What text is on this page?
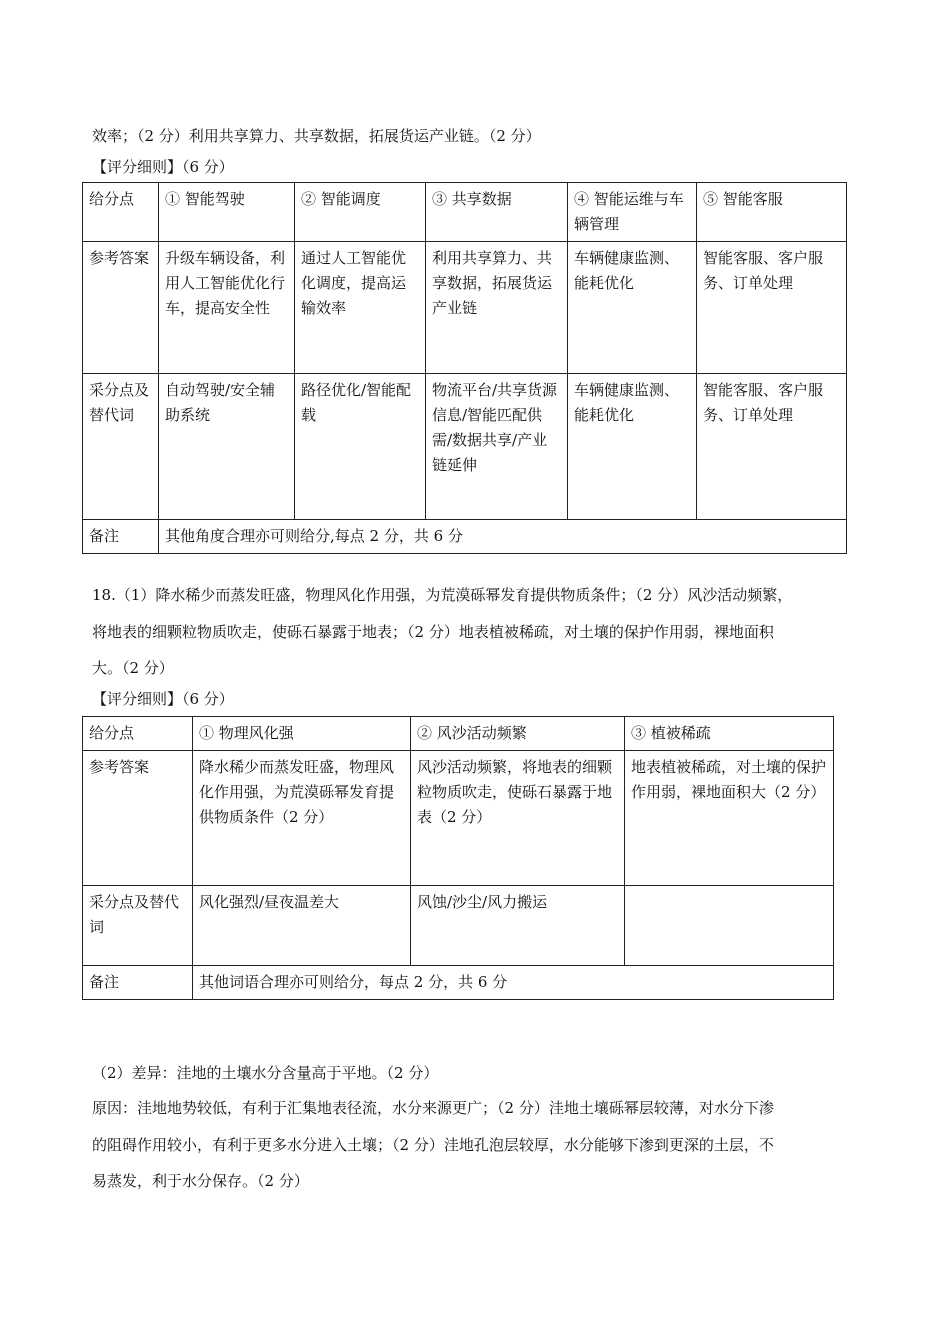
效率；（2 分）利用共享算力、共享数据，拓展货运产业链。（2 分）
【评分细则】（6 分）
给分点	① 智能驾驶	② 智能调度	③ 共享数据	④ 智能运维与车辆管理	⑤ 智能客服
参考答案	升级车辆设备，利用人工智能优化行车，提高安全性	通过人工智能优化调度，提高运输效率	利用共享算力、共享数据，拓展货运产业链	车辆健康监测、能耗优化	智能客服、客户服务、订单处理
采分点及替代词	自动驾驶/安全辅助系统	路径优化/智能配载	物流平台/共享货源信息/智能匹配供需/数据共享/产业链延伸	车辆健康监测、能耗优化	智能客服、客户服务、订单处理
备注	其他角度合理亦可则给分,每点 2 分，共 6 分				
18.（1）降水稀少而蒸发旺盛，物理风化作用强，为荒漠砾幂发育提供物质条件；（2 分）风沙活动频繁，
将地表的细颗粒物质吹走，使砾石暴露于地表；（2 分）地表植被稀疏，对土壤的保护作用弱，裸地面积
大。（2 分）
【评分细则】（6 分）
给分点	① 物理风化强	② 风沙活动频繁	③ 植被稀疏
参考答案	降水稀少而蒸发旺盛，物理风化作用强，为荒漠砾幂发育提供物质条件（2 分）	风沙活动频繁，将地表的细颗粒物质吹走，使砾石暴露于地表（2 分）	地表植被稀疏，对土壤的保护作用弱，裸地面积大（2 分）
采分点及替代词	风化强烈/昼夜温差大	风蚀/沙尘/风力搬运	
备注	其他词语合理亦可则给分，每点 2 分，共 6 分		
（2）差异：洼地的土壤水分含量高于平地。（2 分）
原因：洼地地势较低，有利于汇集地表径流，水分来源更广；（2 分）洼地土壤砾幂层较薄，对水分下渗
的阻碍作用较小，有利于更多水分进入土壤；（2 分）洼地孔泡层较厚，水分能够下渗到更深的土层，不
易蒸发，利于水分保存。（2 分）
